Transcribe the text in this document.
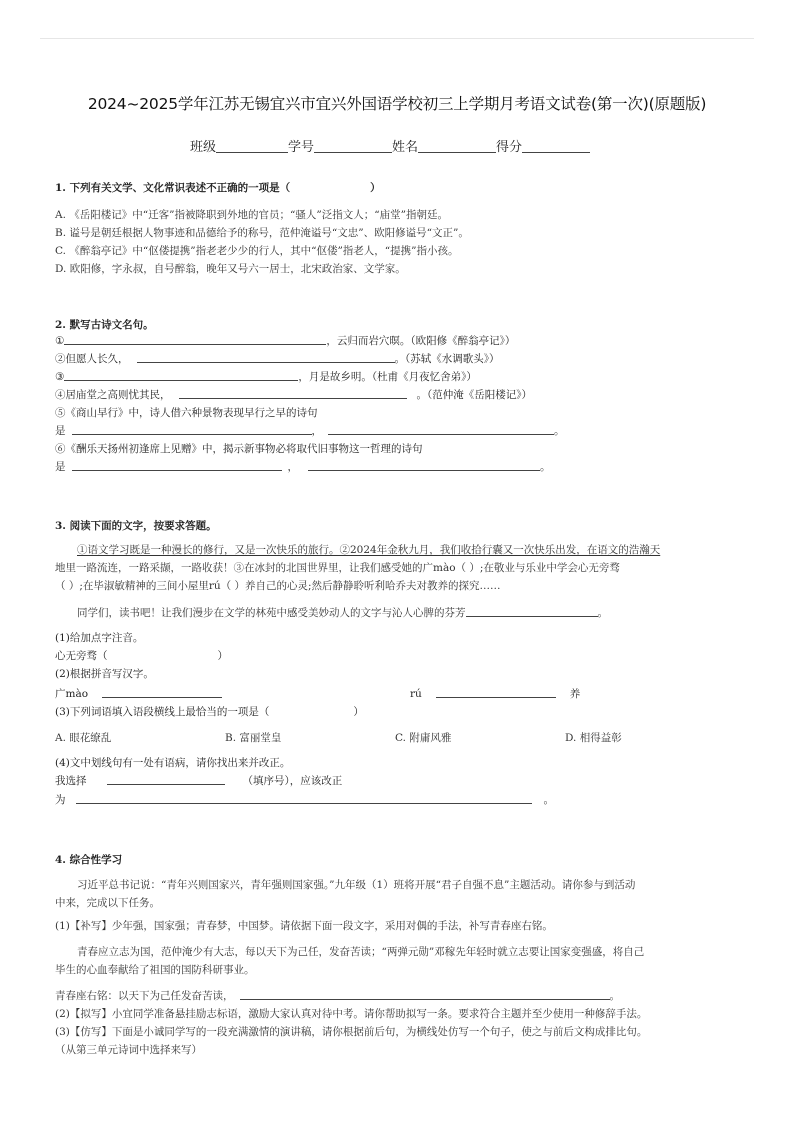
2024~2025学年江苏无锡宜兴市宜兴外国语学校初三上学期月考语文试卷(第一次)(原题版)
班级	学号	姓名	得分
1. 下列有关文学、文化常识表述不正确的一项是（	）
A. 《岳阳楼记》中“迁客”指被降职到外地的官员；“骚人”泛指文人；“庙堂”指朝廷。
B. 谥号是朝廷根据人物事迹和品德给予的称号，范仲淹谥号“文忠”、欧阳修谥号“文正”。
C. 《醉翁亭记》中“伛偻提携”指老老少少的行人，其中“伛偻”指老人，“提携”指小孩。
D. 欧阳修，字永叔，自号醉翁，晚年又号六一居士，北宋政治家、文学家。
2. 默写古诗文名句。
①	，云归而岩穴暝。（欧阳修《醉翁亭记》）
②但愿人长久，	。（苏轼《水调歌头》）
③	，月是故乡明。（杜甫《月夜忆舍弟》）
④居庙堂之高则忧其民，	。（范仲淹《岳阳楼记》）
⑤《商山早行》中，诗人借六种景物表现早行之早的诗句
是	，	。
⑥《酬乐天扬州初逢席上见赠》中，揭示新事物必将取代旧事物这一哲理的诗句
是	，	。
3. 阅读下面的文字，按要求答题。
①语文学习既是一种漫长的修行，又是一次快乐的旅行。②2024年金秋九月，我们收拾行囊又一次快乐出发，在语文的浩瀚天
地里一路流连，一路采撷，一路收获！③在冰封的北国世界里，让我们感受她的广mào（ ）;在敬业与乐业中学会心无旁骛
（ ）;在毕淑敏精神的三间小屋里rú（ ）养自己的心灵;然后静静聆听利哈乔夫对教养的探究……
同学们，读书吧！让我们漫步在文学的林苑中感受美妙动人的文字与沁人心脾的芬芳	。
(1)给加点字注音。
心无旁骛（	）
(2)根据拼音写汉字。
广mào	rú	养
(3)下列词语填入语段横线上最恰当的一项是（	）
A. 眼花缭乱	B. 富丽堂皇	C. 附庸风雅	D. 相得益彰
(4)文中划线句有一处有语病，请你找出来并改正。
我选择	（填序号），应该改正
为	。
4. 综合性学习
习近平总书记说：“青年兴则国家兴，青年强则国家强。”九年级（1）班将开展“君子自强不息”主题活动。请你参与到活动
中来，完成以下任务。
(1)【补写】少年强，国家强；青春梦，中国梦。请依据下面一段文字，采用对偶的手法，补写青春座右铭。
青春应立志为国，范仲淹少有大志，每以天下为己任，发奋苦读；“两弹元勋”邓稼先年轻时就立志要让国家变强盛，将自己
毕生的心血奉献给了祖国的国防科研事业。
青春座右铭：以天下为己任发奋苦读，	。
(2)【拟写】小宜同学准备悬挂励志标语，激励大家认真对待中考。请你帮助拟写一条。要求符合主题并至少使用一种修辞手法。
(3)【仿写】下面是小诚同学写的一段充满激情的演讲稿，请你根据前后句，为横线处仿写一个句子，使之与前后文构成排比句。
（从第三单元诗词中选择来写）
